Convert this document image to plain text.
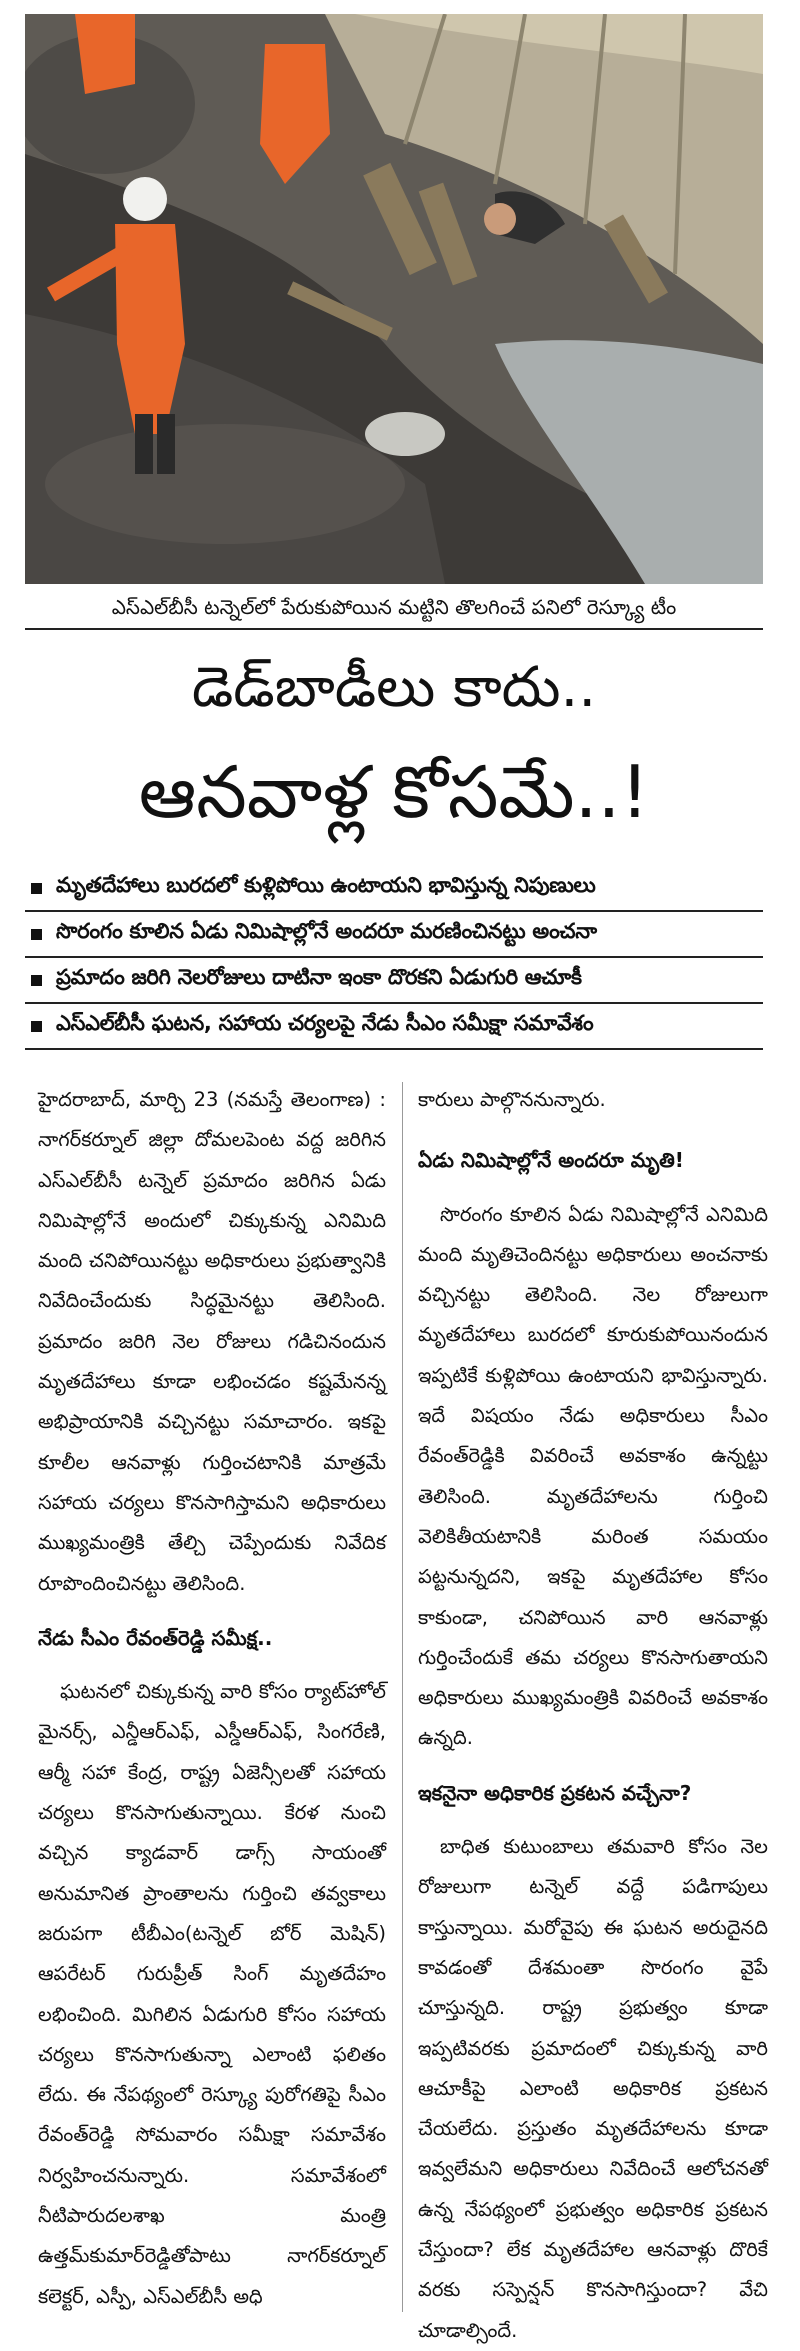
ఎస్ఎల్‌బీసీ టన్నెల్‌లో పేరుకుపోయిన మట్టిని తొలగించే పనిలో రెస్క్యూ టీం
డెడ్‌బాడీలు కాదు..
ఆనవాళ్ల కోసమే..!
మృతదేహాలు బురదలో కుళ్లిపోయి ఉంటాయని భావిస్తున్న నిపుణులు
సొరంగం కూలిన ఏడు నిమిషాల్లోనే అందరూ మరణించినట్టు అంచనా
ప్రమాదం జరిగి నెలరోజులు దాటినా ఇంకా దొరకని ఏడుగురి ఆచూకీ
ఎస్ఎల్‌బీసీ ఘటన, సహాయ చర్యలపై నేడు సీఎం సమీక్షా సమావేశం

హైదరాబాద్, మార్చి 23 (నమస్తే తెలంగాణ) : నాగర్‌కర్నూల్ జిల్లా దోమలపెంట వద్ద జరిగిన ఎస్ఎల్‌బీసీ టన్నెల్ ప్రమాదం జరిగిన ఏడు నిమిషాల్లోనే అందులో చిక్కుకున్న ఎనిమిది మంది చనిపోయినట్టు అధికారులు ప్రభుత్వానికి నివేదించేందుకు సిద్ధమైనట్టు తెలిసింది. ప్రమాదం జరిగి నెల రోజులు గడిచినందున మృతదేహాలు కూడా లభించడం కష్టమేనన్న అభిప్రాయానికి వచ్చినట్టు సమాచారం. ఇకపై కూలీల ఆనవాళ్లు గుర్తించటానికి మాత్రమే సహాయ చర్యలు కొనసాగిస్తామని అధికారులు ముఖ్యమంత్రికి తేల్చి చెప్పేందుకు నివేదిక రూపొందించినట్టు తెలిసింది.

నేడు సీఎం రేవంత్‌రెడ్డి సమీక్ష..

ఘటనలో చిక్కుకున్న వారి కోసం ర్యాట్‌హోల్ మైనర్స్, ఎన్డీఆర్ఎఫ్, ఎస్డీఆర్ఎఫ్, సింగరేణి, ఆర్మీ సహా కేంద్ర, రాష్ట్ర ఏజెన్సీలతో సహాయ చర్యలు కొనసాగుతున్నాయి. కేరళ నుంచి వచ్చిన క్యాడవార్ డాగ్స్ సాయంతో అనుమానిత ప్రాంతాలను గుర్తించి తవ్వకాలు జరుపగా టీబీఎం(టన్నెల్ బోర్ మెషిన్) ఆపరేటర్ గురుప్రీత్ సింగ్ మృతదేహం లభించింది. మిగిలిన ఏడుగురి కోసం సహాయ చర్యలు కొనసాగుతున్నా ఎలాంటి ఫలితం లేదు. ఈ నేపథ్యంలో రెస్క్యూ పురోగతిపై సీఎం రేవంత్‌రెడ్డి సోమవారం సమీక్షా సమావేశం నిర్వహించనున్నారు. సమావేశంలో నీటిపారుదలశాఖ మంత్రి ఉత్తమ్‌కుమార్‌రెడ్డితోపాటు నాగర్‌కర్నూల్ కలెక్టర్, ఎస్పీ, ఎస్ఎల్‌బీసీ అధి

కారులు పాల్గొననున్నారు.

ఏడు నిమిషాల్లోనే అందరూ మృతి!

సొరంగం కూలిన ఏడు నిమిషాల్లోనే ఎనిమిది మంది మృతిచెందినట్టు అధికారులు అంచనాకు వచ్చినట్టు తెలిసింది. నెల రోజులుగా మృతదేహాలు బురదలో కూరుకుపోయినందున ఇప్పటికే కుళ్లిపోయి ఉంటాయని భావిస్తున్నారు. ఇదే విషయం నేడు అధికారులు సీఎం రేవంత్‌రెడ్డికి వివరించే అవకాశం ఉన్నట్టు తెలిసింది. మృతదేహాలను గుర్తించి వెలికితీయటానికి మరింత సమయం పట్టనున్నదని, ఇకపై మృతదేహాల కోసం కాకుండా, చనిపోయిన వారి ఆనవాళ్లు గుర్తించేందుకే తమ చర్యలు కొనసాగుతాయని అధికారులు ముఖ్యమంత్రికి వివరించే అవకాశం ఉన్నది.

ఇకనైనా అధికారిక ప్రకటన వచ్చేనా?

బాధిత కుటుంబాలు తమవారి కోసం నెల రోజులుగా టన్నెల్ వద్దే పడిగాపులు కాస్తున్నాయి. మరోవైపు ఈ ఘటన అరుదైనది కావడంతో దేశమంతా సొరంగం వైపే చూస్తున్నది. రాష్ట్ర ప్రభుత్వం కూడా ఇప్పటివరకు ప్రమాదంలో చిక్కుకున్న వారి ఆచూకీపై ఎలాంటి అధికారిక ప్రకటన చేయలేదు. ప్రస్తుతం మృతదేహాలను కూడా ఇవ్వలేమని అధికారులు నివేదించే ఆలోచనతో ఉన్న నేపథ్యంలో ప్రభుత్వం అధికారిక ప్రకటన చేస్తుందా? లేక మృతదేహాల ఆనవాళ్లు దొరికే వరకు సస్పెన్షన్ కొనసాగిస్తుందా? వేచి చూడాల్సిందే.
